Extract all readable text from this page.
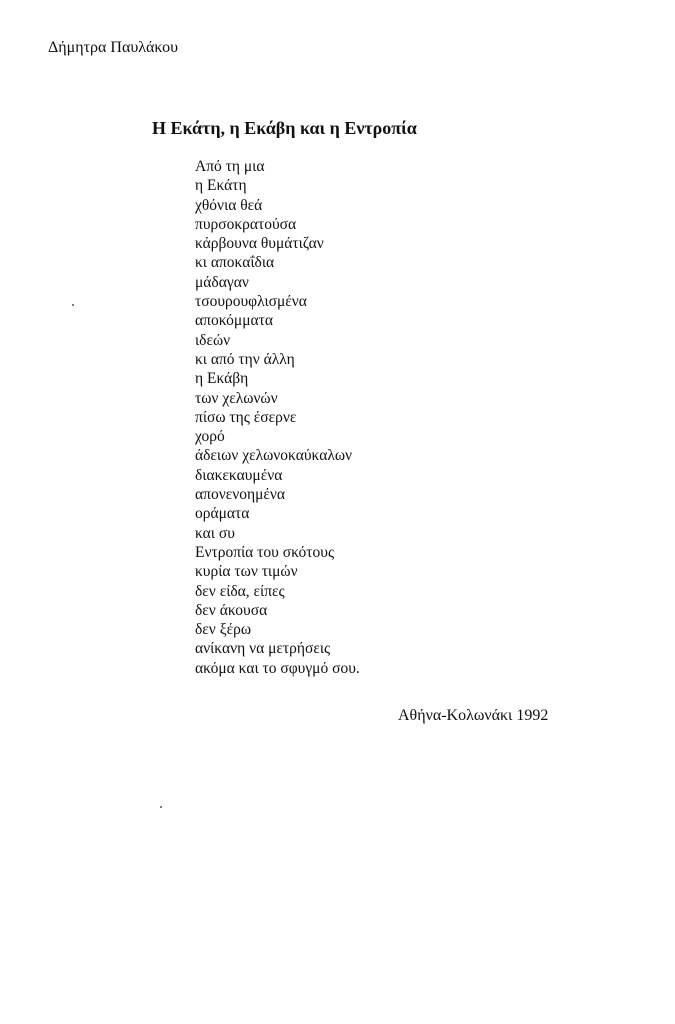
Δήμητρα Παυλάκου

Η Εκάτη, η Εκάβη και η Εντροπία
Από τη μια
η Εκάτη
χθόνια θεά
πυρσοκρατούσα
κάρβουνα θυμάτιζαν
κι αποκαΐδια
μάδαγαν
τσουρουφλισμένα
αποκόμματα
ιδεών
κι από την άλλη
η Εκάβη
των χελωνών
πίσω της έσερνε
χορό
άδειων χελωνοκαύκαλων
διακεκαυμένα
απονενοημένα
οράματα
και συ
Εντροπία του σκότους
κυρία των τιμών
δεν είδα, είπες
δεν άκουσα
δεν ξέρω
ανίκανη να μετρήσεις
ακόμα και το σφυγμό σου.

Αθήνα-Κολωνάκι 1992
